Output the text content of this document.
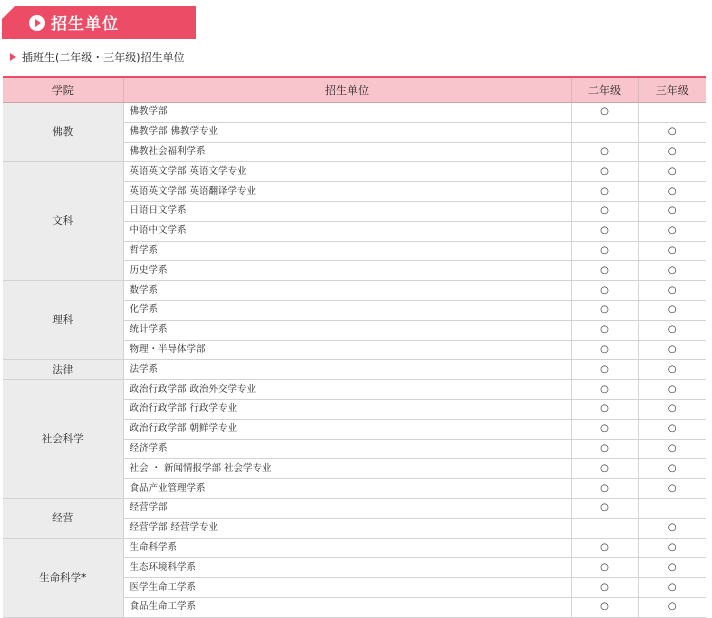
招生单位
插班生(二年级・三年级)招生单位
学院	招生单位	二年级	三年级
佛教	佛教学部	○	
	佛教学部 佛教学专业		○
	佛教社会福利学系	○	○
文科	英语英文学部 英语文学专业	○	○
	英语英文学部 英语翻译学专业	○	○
	日语日文学系	○	○
	中语中文学系	○	○
	哲学系	○	○
	历史学系	○	○
理科	数学系	○	○
	化学系	○	○
	统计学系	○	○
	物理・半导体学部	○	○
法律	法学系	○	○
社会科学	政治行政学部 政治外交学专业	○	○
	政治行政学部 行政学专业	○	○
	政治行政学部 朝鲜学专业	○	○
	经济学系	○	○
	社会 ・ 新闻情报学部 社会学专业	○	○
	食品产业管理学系	○	○
经营	经营学部	○	
	经营学部 经营学专业		○
生命科学*	生命科学系	○	○
	生态环境科学系	○	○
	医学生命工学系	○	○
	食品生命工学系	○	○
